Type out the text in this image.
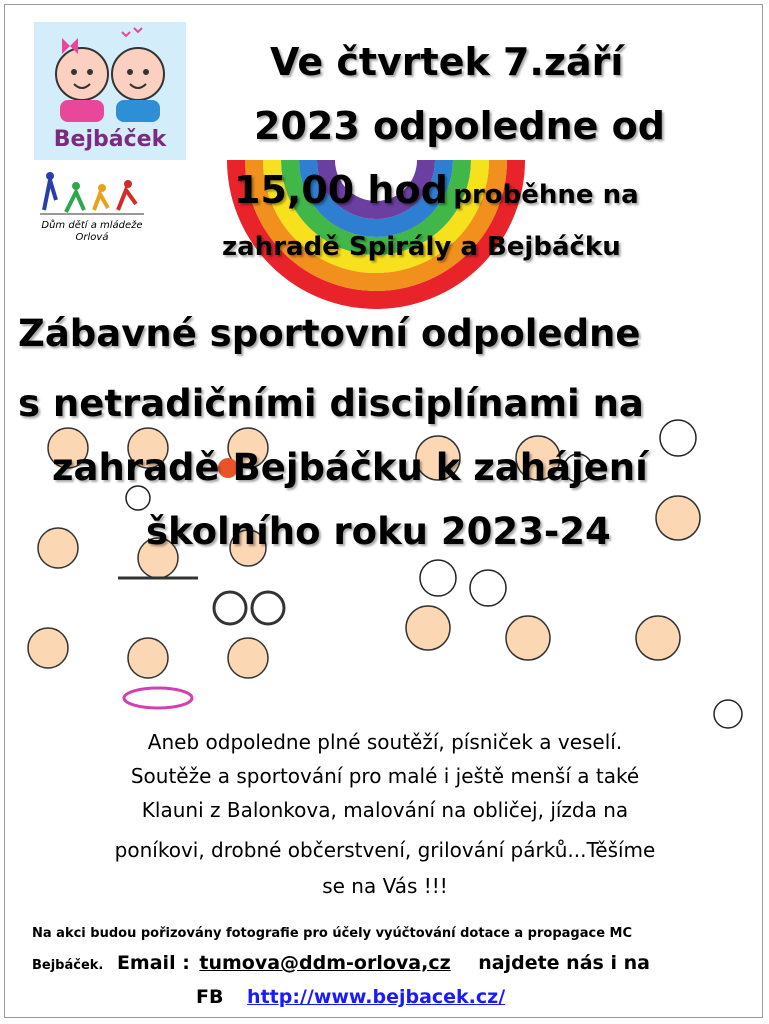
Bejbáček
Dům dětí a mládeže
Orlová
Ve čtvrtek 7.září
2023 odpoledne od
15,00 hod proběhne na
zahradě Spirály a Bejbáčku
Zábavné sportovní odpoledne
s netradičními disciplínami na
zahradě Bejbáčku k zahájení
školního roku 2023-24
Aneb odpoledne plné soutěží, písniček a veselí.
Soutěže a sportování pro malé i ještě menší a také
Klauni z Balonkova, malování na obličej, jízda na
poníkovi, drobné občerstvení, grilování párků...Těšíme
se na Vás !!!
Na akci budou pořizovány fotografie pro účely vyúčtování dotace a propagace MC
Bejbáček. Email : tumova@ddm-orlova,cz najdete nás i na
FB http://www.bejbacek.cz/
